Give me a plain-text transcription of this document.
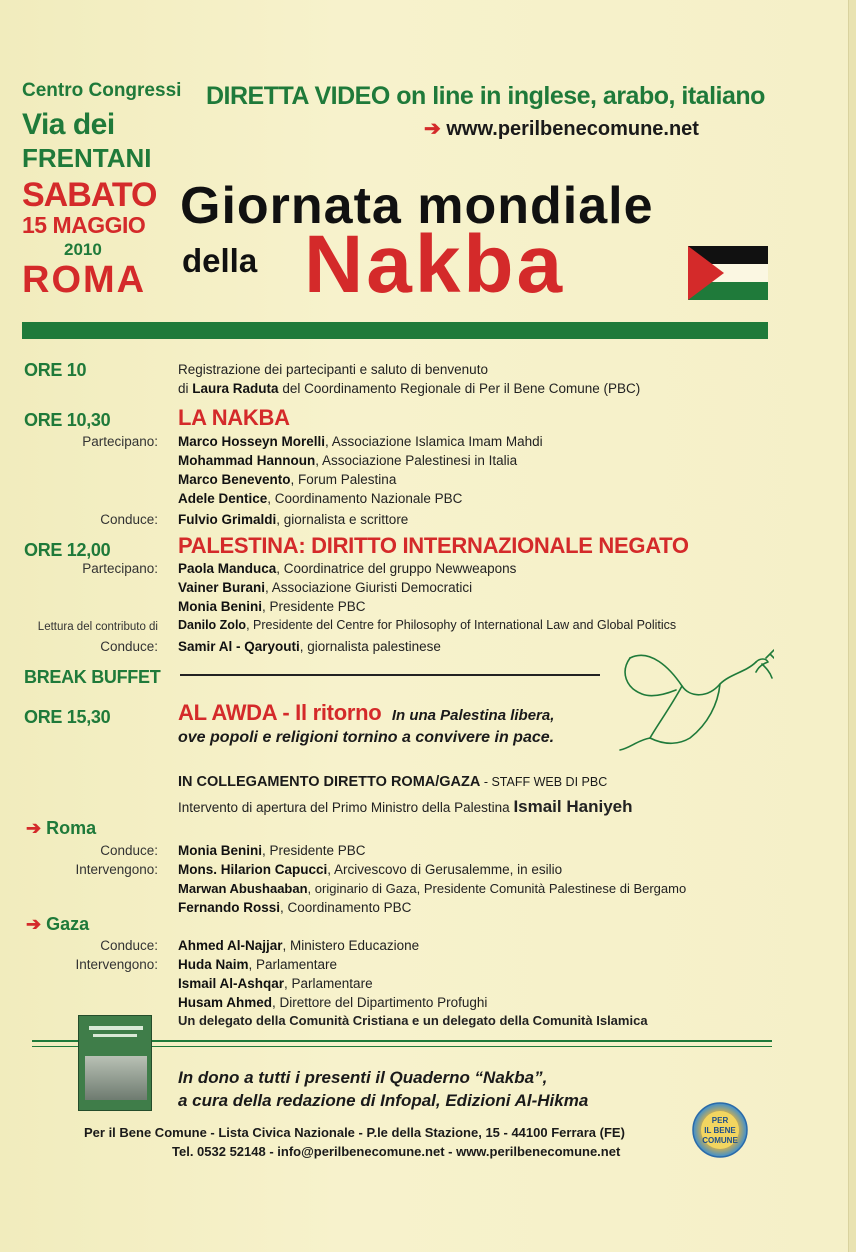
Centro Congressi
Via dei
FRENTANI
SABATO
15 MAGGIO
2010
ROMA
DIRETTA VIDEO on line in inglese, arabo, italiano
➔ www.perilbenecomune.net
Giornata mondiale
della Nakba
ORE 10	Registrazione dei partecipanti e saluto di benvenuto
di Laura Raduta del Coordinamento Regionale di Per il Bene Comune (PBC)
ORE 10,30	LA NAKBA
Partecipano: Marco Hosseyn Morelli, Associazione Islamica Imam Mahdi
Mohammad Hannoun, Associazione Palestinesi in Italia
Marco Benevento, Forum Palestina
Adele Dentice, Coordinamento Nazionale PBC
Conduce: Fulvio Grimaldi, giornalista e scrittore
ORE 12,00	PALESTINA: DIRITTO INTERNAZIONALE NEGATO
Partecipano: Paola Manduca, Coordinatrice del gruppo Newweapons
Vainer Burani, Associazione Giuristi Democratici
Monia Benini, Presidente PBC
Lettura del contributo di Danilo Zolo, Presidente del Centre for Philosophy of International Law and Global Politics
Conduce: Samir Al - Qaryouti, giornalista palestinese
BREAK BUFFET
ORE 15,30	AL AWDA - Il ritorno In una Palestina libera,
ove popoli e religioni tornino a convivere in pace.
IN COLLEGAMENTO DIRETTO ROMA/GAZA - STAFF WEB DI PBC
Intervento di apertura del Primo Ministro della Palestina Ismail Haniyeh
➔ Roma
Conduce: Monia Benini, Presidente PBC
Intervengono: Mons. Hilarion Capucci, Arcivescovo di Gerusalemme, in esilio
Marwan Abushaaban, originario di Gaza, Presidente Comunità Palestinese di Bergamo
Fernando Rossi, Coordinamento PBC
➔ Gaza
Conduce: Ahmed Al-Najjar, Ministero Educazione
Intervengono: Huda Naim, Parlamentare
Ismail Al-Ashqar, Parlamentare
Husam Ahmed, Direttore del Dipartimento Profughi
Un delegato della Comunità Cristiana e un delegato della Comunità Islamica
In dono a tutti i presenti il Quaderno “Nakba”,
a cura della redazione di Infopal, Edizioni Al-Hikma
Per il Bene Comune - Lista Civica Nazionale - P.le della Stazione, 15 - 44100 Ferrara (FE)
Tel. 0532 52148 - info@perilbenecomune.net - www.perilbenecomune.net
PER
IL BENE
COMUNE
